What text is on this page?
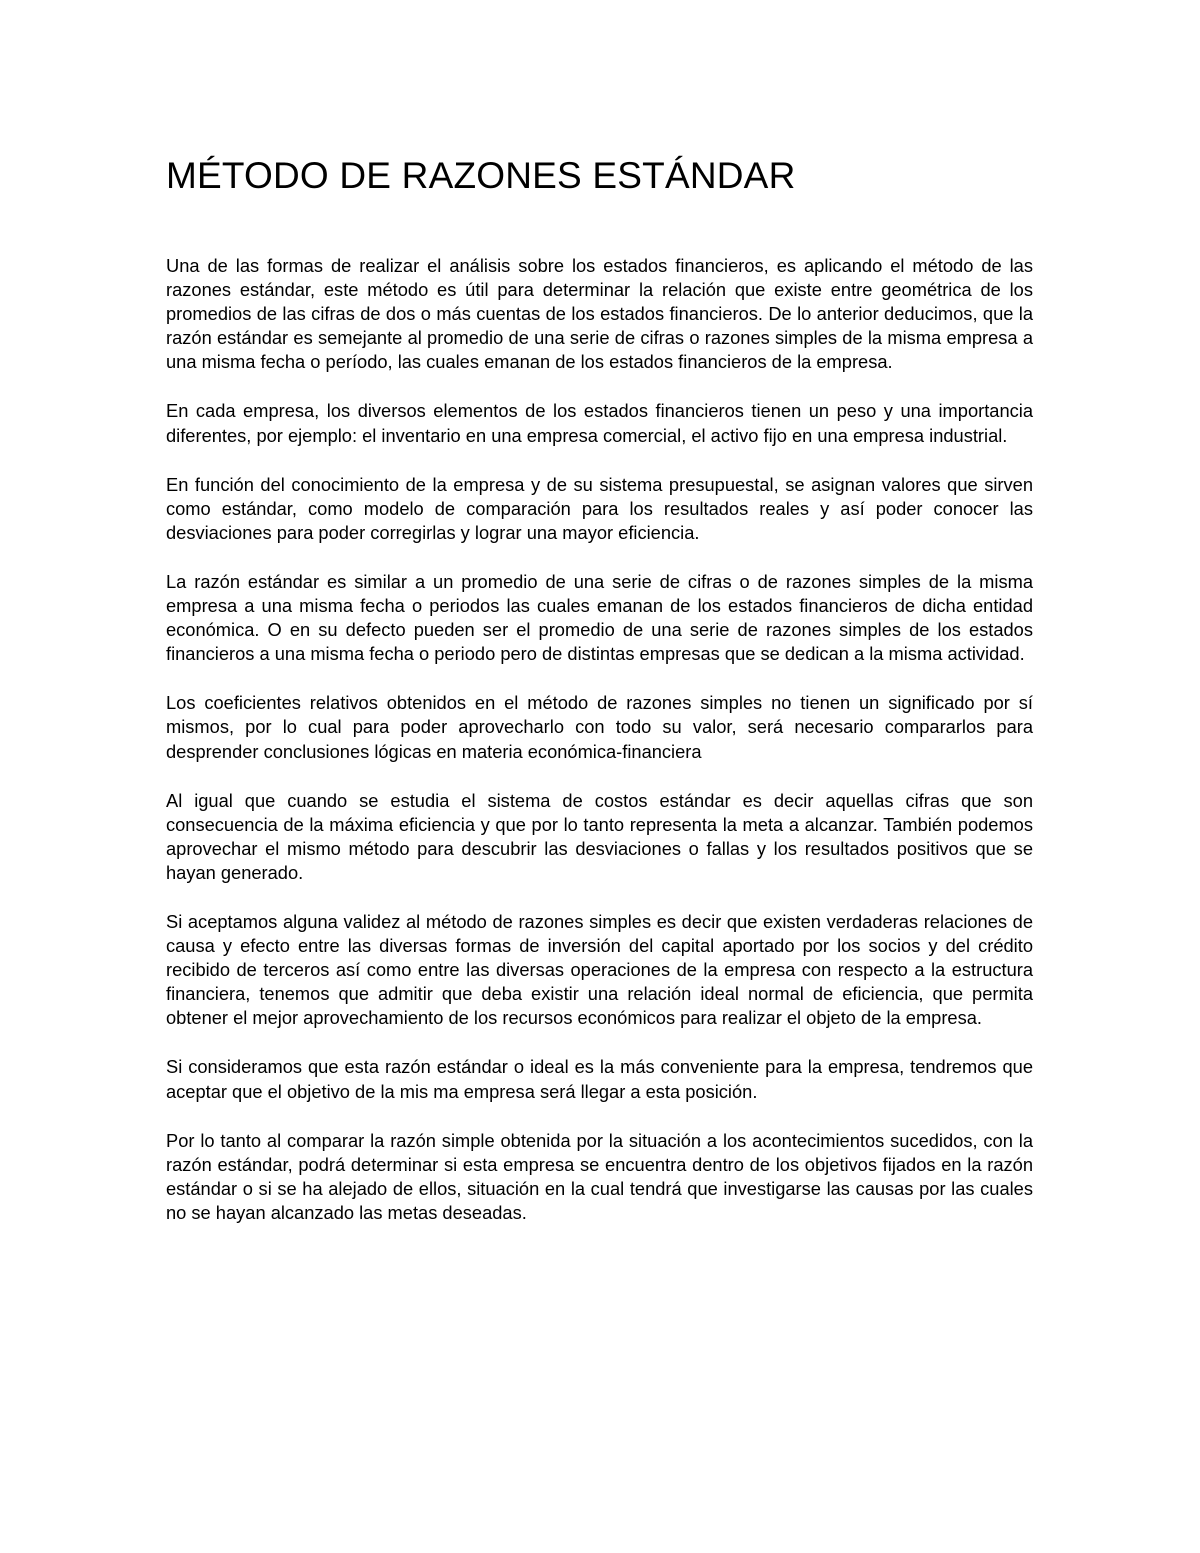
MÉTODO DE RAZONES ESTÁNDAR

Una de las formas de realizar el análisis sobre los estados financieros, es aplicando el método de las razones estándar, este método es útil para determinar la relación que existe entre geométrica de los promedios de las cifras de dos o más cuentas de los estados financieros. De lo anterior deducimos, que la razón estándar es semejante al promedio de una serie de cifras o razones simples de la misma empresa a una misma fecha o período, las cuales emanan de los estados financieros de la empresa.

En cada empresa, los diversos elementos de los estados financieros tienen un peso y una importancia diferentes, por ejemplo: el inventario en una empresa comercial, el activo fijo en una empresa industrial.

En función del conocimiento de la empresa y de su sistema presupuestal, se asignan valores que sirven como estándar, como modelo de comparación para los resultados reales y así poder conocer las desviaciones para poder corregirlas y lograr una mayor eficiencia.

La razón estándar es similar a un promedio de una serie de cifras o de razones simples de la misma empresa a una misma fecha o periodos las cuales emanan de los estados financieros de dicha entidad económica. O en su defecto pueden ser el promedio de una serie de razones simples de los estados financieros a una misma fecha o periodo pero de distintas empresas que se dedican a la misma actividad.

Los coeficientes relativos obtenidos en el método de razones simples no tienen un significado por sí mismos, por lo cual para poder aprovecharlo con todo su valor, será necesario compararlos para desprender conclusiones lógicas en materia económica-financiera

Al igual que cuando se estudia el sistema de costos estándar es decir aquellas cifras que son consecuencia de la máxima eficiencia y que por lo tanto representa la meta a alcanzar. También podemos aprovechar el mismo método para descubrir las desviaciones o fallas y los resultados positivos que se hayan generado.

Si aceptamos alguna validez al método de razones simples es decir que existen verdaderas relaciones de causa y efecto entre las diversas formas de inversión del capital aportado por los socios y del crédito recibido de terceros así como entre las diversas operaciones de la empresa con respecto a la estructura financiera, tenemos que admitir que deba existir una relación ideal normal de eficiencia, que permita obtener el mejor aprovechamiento de los recursos económicos para realizar el objeto de la empresa.

Si consideramos que esta razón estándar o ideal es la más conveniente para la empresa, tendremos que aceptar que el objetivo de la mis ma empresa será llegar a esta posición.

Por lo tanto al comparar la razón simple obtenida por la situación a los acontecimientos sucedidos, con la razón estándar, podrá determinar si esta empresa se encuentra dentro de los objetivos fijados en la razón estándar o si se ha alejado de ellos, situación en la cual tendrá que investigarse las causas por las cuales no se hayan alcanzado las metas deseadas.
